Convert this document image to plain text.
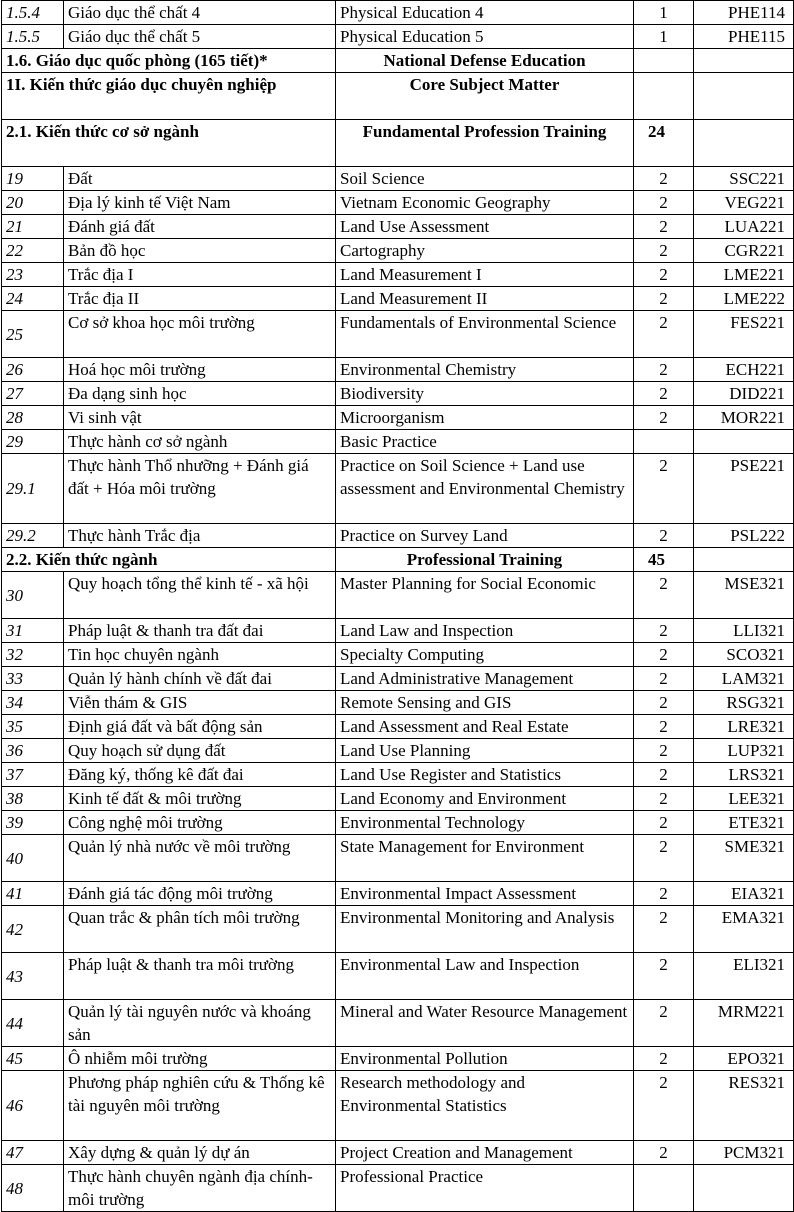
1.5.4	Giáo dục thể chất 4	Physical Education 4	1	PHE114
1.5.5	Giáo dục thể chất 5	Physical Education 5	1	PHE115
1.6. Giáo dục quốc phòng (165 tiết)*		National Defense Education		
1I. Kiến thức giáo dục chuyên nghiệp		Core Subject Matter		
2.1. Kiến thức cơ sở ngành		Fundamental Profession Training	24	
19	Đất	Soil Science	2	SSC221
20	Địa lý kinh tế Việt Nam	Vietnam Economic Geography	2	VEG221
21	Đánh giá đất	Land Use Assessment	2	LUA221
22	Bản đồ học	Cartography	2	CGR221
23	Trắc địa I	Land Measurement I	2	LME221
24	Trắc địa II	Land Measurement II	2	LME222
25	Cơ sở khoa học môi trường	Fundamentals of Environmental Science	2	FES221
26	Hoá học môi trường	Environmental Chemistry	2	ECH221
27	Đa dạng sinh học	Biodiversity	2	DID221
28	Vi sinh vật	Microorganism	2	MOR221
29	Thực hành cơ sở ngành	Basic Practice		
29.1	Thực hành Thổ nhưỡng + Đánh giá đất + Hóa môi trường	Practice on Soil Science + Land use assessment and Environmental Chemistry	2	PSE221
29.2	Thực hành Trắc địa	Practice on Survey Land	2	PSL222
2.2. Kiến thức ngành		Professional Training	45	
30	Quy hoạch tổng thể kinh tế - xã hội	Master Planning for Social Economic	2	MSE321
31	Pháp luật & thanh tra đất đai	Land Law and Inspection	2	LLI321
32	Tin học chuyên ngành	Specialty Computing	2	SCO321
33	Quản lý hành chính về đất đai	Land Administrative Management	2	LAM321
34	Viễn thám & GIS	Remote Sensing and GIS	2	RSG321
35	Định giá đất và bất động sản	Land Assessment and Real Estate	2	LRE321
36	Quy hoạch sử dụng đất	Land Use Planning	2	LUP321
37	Đăng ký, thống kê đất đai	Land Use Register and Statistics	2	LRS321
38	Kinh tế đất & môi trường	Land Economy and Environment	2	LEE321
39	Công nghệ môi trường	Environmental Technology	2	ETE321
40	Quản lý nhà nước về môi trường	State Management for Environment	2	SME321
41	Đánh giá tác động môi trường	Environmental Impact Assessment	2	EIA321
42	Quan trắc & phân tích môi trường	Environmental Monitoring and Analysis	2	EMA321
43	Pháp luật & thanh tra môi trường	Environmental Law and Inspection	2	ELI321
44	Quản lý tài nguyên nước và khoáng sản	Mineral and Water Resource Management	2	MRM221
45	Ô nhiễm môi trường	Environmental Pollution	2	EPO321
46	Phương pháp nghiên cứu & Thống kê tài nguyên môi trường	Research methodology and Environmental Statistics	2	RES321
47	Xây dựng & quản lý dự án	Project Creation and Management	2	PCM321
48	Thực hành chuyên ngành địa chính- môi trường	Professional Practice		
